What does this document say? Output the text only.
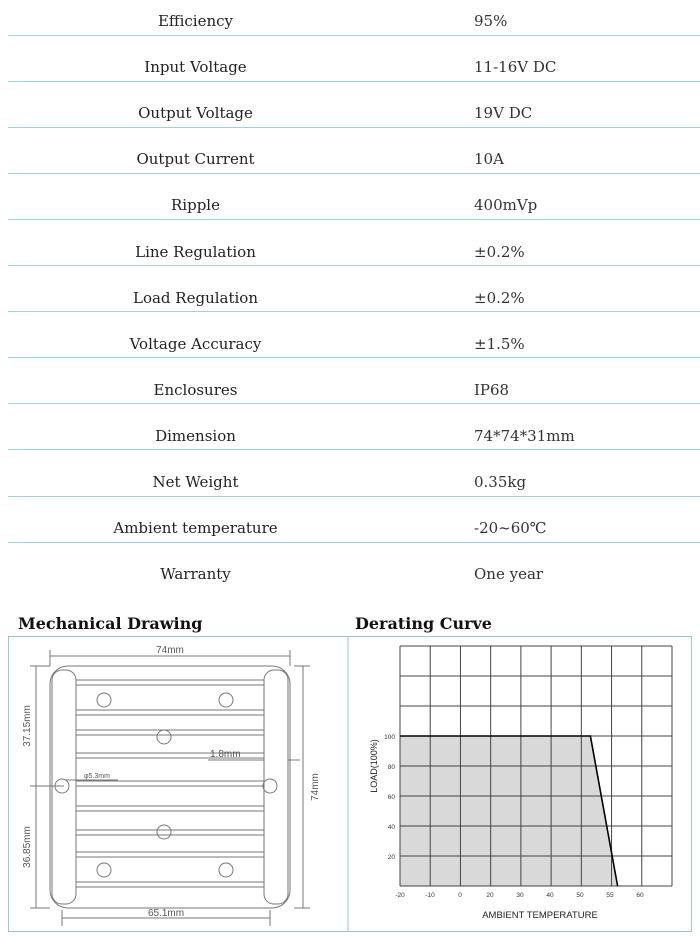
Efficiency	95%
Input Voltage	11-16V DC
Output Voltage	19V DC
Output Current	10A
Ripple	400mVp
Line Regulation	±0.2%
Load Regulation	±0.2%
Voltage Accuracy	±1.5%
Enclosures	IP68
Dimension	74*74*31mm
Net Weight	0.35kg
Ambient temperature	-20~60℃
Warranty	One year
Mechanical Drawing	Derating Curve
74mm
74mm
37.15mm
36.85mm
65.1mm
1.8mm
φ5.3mm
20
40
60
80
100
-20	-10	0	20	30	40	50	55	60
AMBIENT TEMPERATURE
LOAD(100%)
